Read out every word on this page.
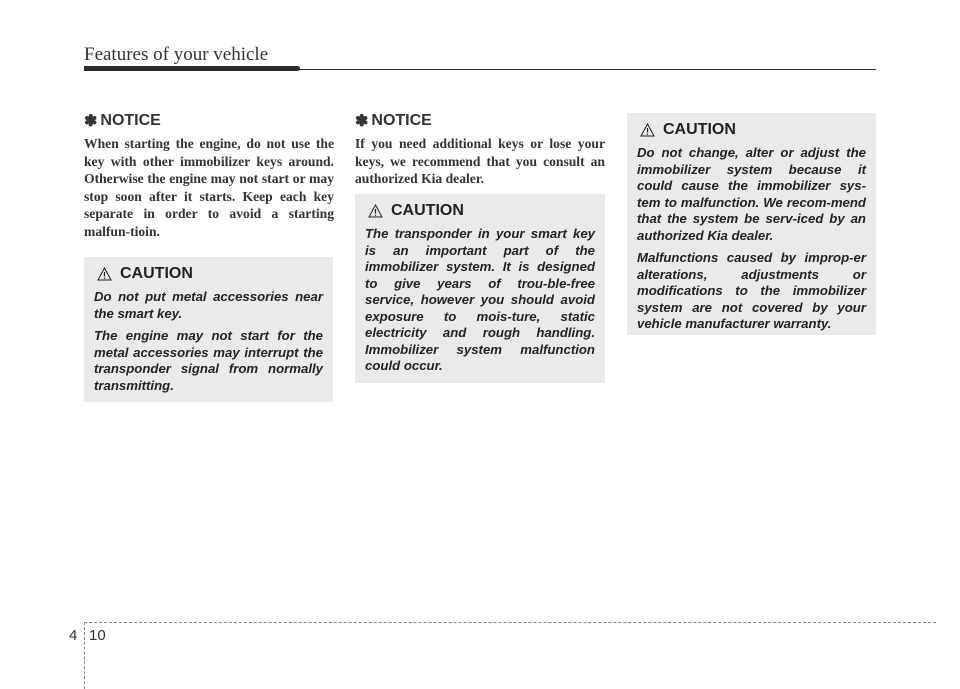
Features of your vehicle
✽ NOTICE
When starting the engine, do not use the key with other immobilizer keys around. Otherwise the engine may not start or may stop soon after it starts. Keep each key separate in order to avoid a starting malfun-tioin.
CAUTION

Do not put metal accessories near the smart key.

The engine may not start for the metal accessories may interrupt the transponder signal from normally transmitting.

✽ NOTICE
If you need additional keys or lose your keys, we recommend that you consult an authorized Kia dealer.
CAUTION

The transponder in your smart key is an important part of the immobilizer system. It is designed to give years of trou-ble-free service, however you should avoid exposure to mois-ture, static electricity and rough handling. Immobilizer system malfunction could occur.

CAUTION

Do not change, alter or adjust the immobilizer system because it could cause the immobilizer sys-tem to malfunction. We recom-mend that the system be serv-iced by an authorized Kia dealer.

Malfunctions caused by improp-er alterations, adjustments or modifications to the immobilizer system are not covered by your vehicle manufacturer warranty.

4 10
